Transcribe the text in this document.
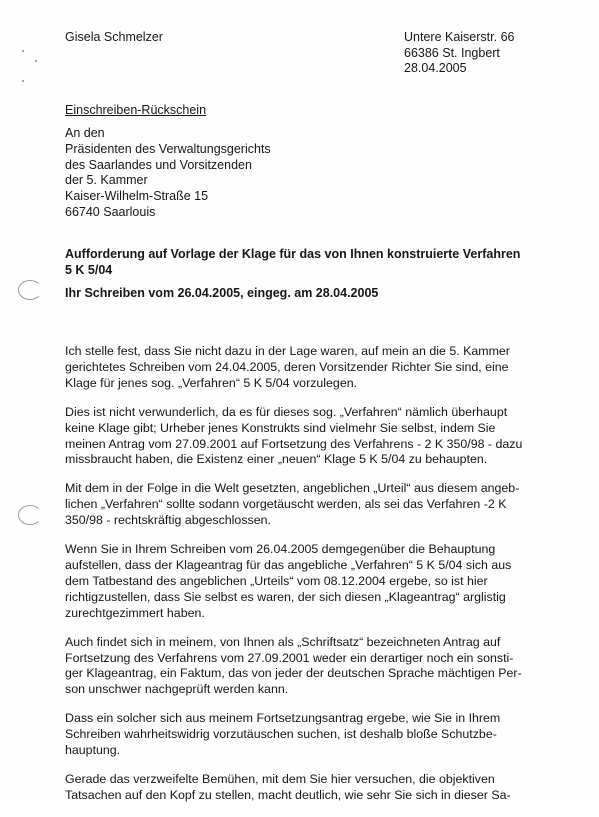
Gisela Schmelzer	Untere Kaiserstr. 66
66386 St. Ingbert
28.04.2005
Einschreiben-Rückschein
An den
Präsidenten des Verwaltungsgerichts
des Saarlandes und Vorsitzenden
der 5. Kammer
Kaiser-Wilhelm-Straße 15
66740 Saarlouis
Aufforderung auf Vorlage der Klage für das von Ihnen konstruierte Verfahren
5 K 5/04
Ihr Schreiben vom 26.04.2005, eingeg. am 28.04.2005

Ich stelle fest, dass Sie nicht dazu in der Lage waren, auf mein an die 5. Kammer
gerichtetes Schreiben vom 24.04.2005, deren Vorsitzender Richter Sie sind, eine
Klage für jenes sog. „Verfahren“ 5 K 5/04 vorzulegen.

Dies ist nicht verwunderlich, da es für dieses sog. „Verfahren“ nämlich überhaupt
keine Klage gibt; Urheber jenes Konstrukts sind vielmehr Sie selbst, indem Sie
meinen Antrag vom 27.09.2001 auf Fortsetzung des Verfahrens - 2 K 350/98 - dazu
missbraucht haben, die Existenz einer „neuen“ Klage 5 K 5/04 zu behaupten.

Mit dem in der Folge in die Welt gesetzten, angeblichen „Urteil“ aus diesem angeb-
lichen „Verfahren“ sollte sodann vorgetäuscht werden, als sei das Verfahren -2 K
350/98 - rechtskräftig abgeschlossen.

Wenn Sie in Ihrem Schreiben vom 26.04.2005 demgegenüber die Behauptung
aufstellen, dass der Klageantrag für das angebliche „Verfahren“ 5 K 5/04 sich aus
dem Tatbestand des angeblichen „Urteils“ vom 08.12.2004 ergebe, so ist hier
richtigzustellen, dass Sie selbst es waren, der sich diesen „Klageantrag“ arglistig
zurechtgezimmert haben.

Auch findet sich in meinem, von Ihnen als „Schriftsatz“ bezeichneten Antrag auf
Fortsetzung des Verfahrens vom 27.09.2001 weder ein derartiger noch ein sonsti-
ger Klageantrag, ein Faktum, das von jeder der deutschen Sprache mächtigen Per-
son unschwer nachgeprüft werden kann.

Dass ein solcher sich aus meinem Fortsetzungsantrag ergebe, wie Sie in Ihrem
Schreiben wahrheitswidrig vorzutäuschen suchen, ist deshalb bloße Schutzbe-
hauptung.

Gerade das verzweifelte Bemühen, mit dem Sie hier versuchen, die objektiven
Tatsachen auf den Kopf zu stellen, macht deutlich, wie sehr Sie sich in dieser Sa-
